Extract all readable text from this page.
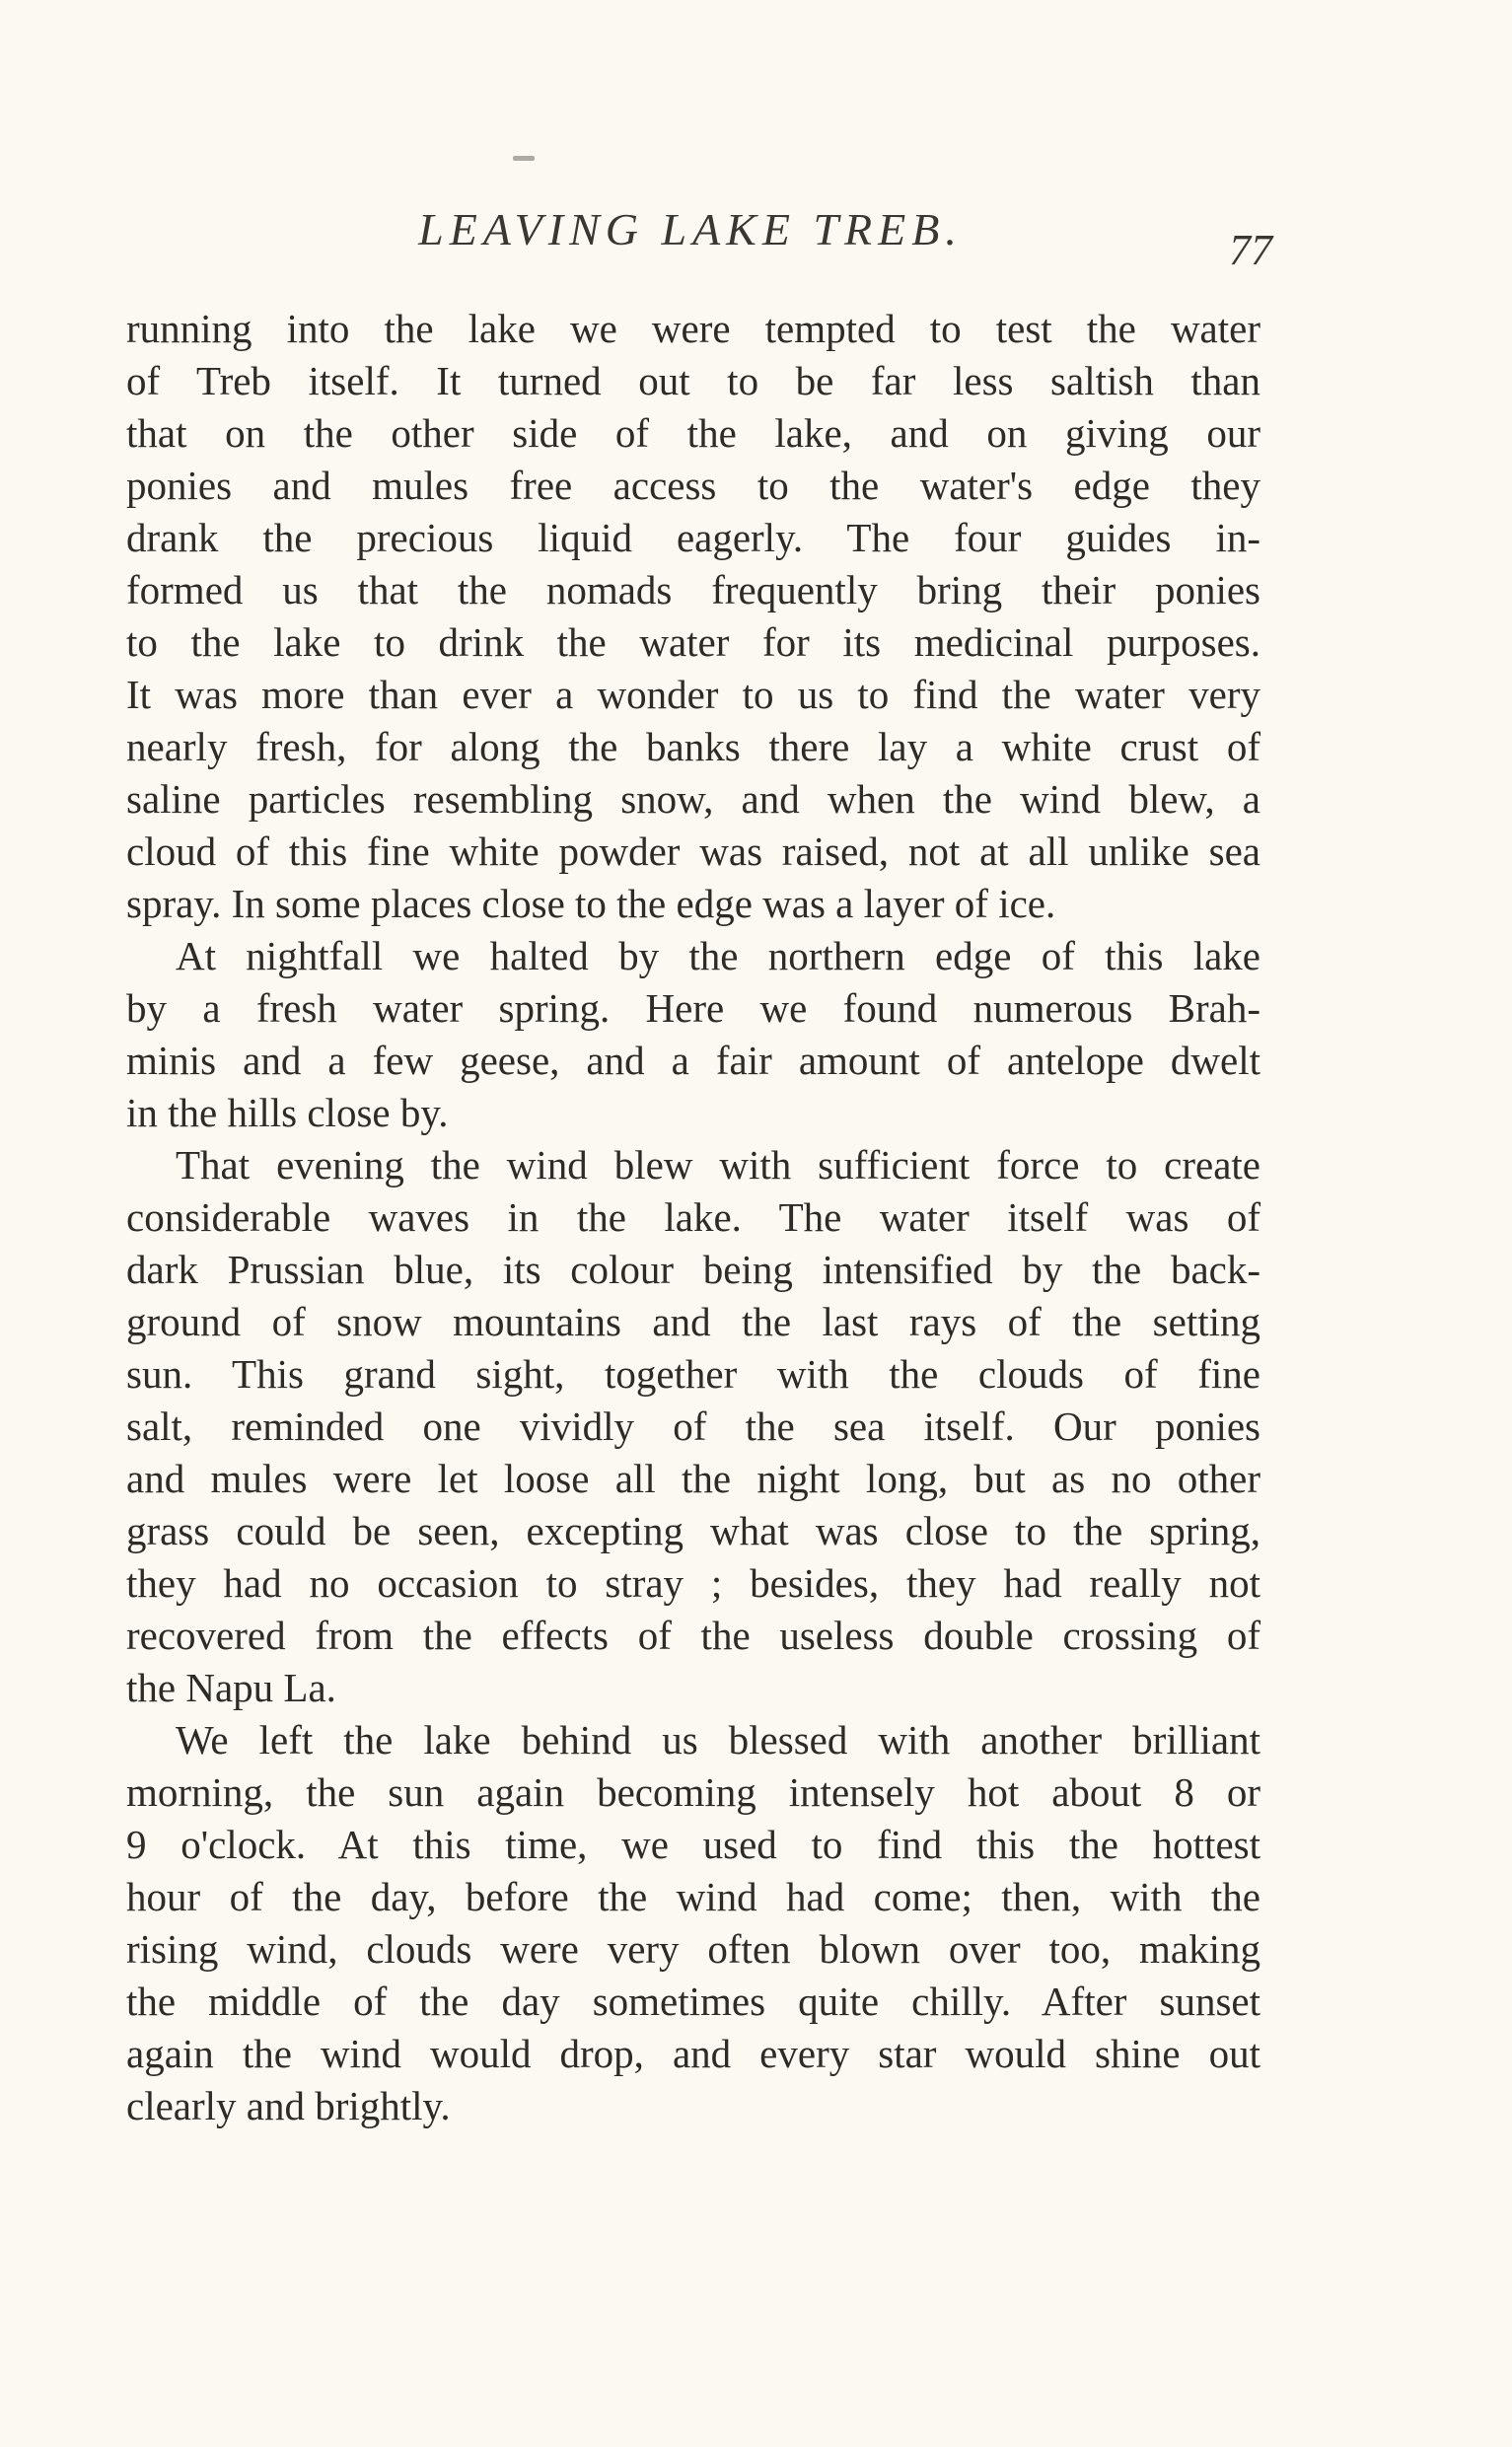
LEAVING LAKE TREB.	77
running into the lake we were tempted to test the water
of Treb itself. It turned out to be far less saltish than
that on the other side of the lake, and on giving our
ponies and mules free access to the water's edge they
drank the precious liquid eagerly. The four guides in-
formed us that the nomads frequently bring their ponies
to the lake to drink the water for its medicinal purposes.
It was more than ever a wonder to us to find the water very
nearly fresh, for along the banks there lay a white crust of
saline particles resembling snow, and when the wind blew, a
cloud of this fine white powder was raised, not at all unlike sea
spray. In some places close to the edge was a layer of ice.
At nightfall we halted by the northern edge of this lake
by a fresh water spring. Here we found numerous Brah-
minis and a few geese, and a fair amount of antelope dwelt
in the hills close by.
That evening the wind blew with sufficient force to create
considerable waves in the lake. The water itself was of
dark Prussian blue, its colour being intensified by the back-
ground of snow mountains and the last rays of the setting
sun. This grand sight, together with the clouds of fine
salt, reminded one vividly of the sea itself. Our ponies
and mules were let loose all the night long, but as no other
grass could be seen, excepting what was close to the spring,
they had no occasion to stray ; besides, they had really not
recovered from the effects of the useless double crossing of
the Napu La.
We left the lake behind us blessed with another brilliant
morning, the sun again becoming intensely hot about 8 or
9 o'clock. At this time, we used to find this the hottest
hour of the day, before the wind had come; then, with the
rising wind, clouds were very often blown over too, making
the middle of the day sometimes quite chilly. After sunset
again the wind would drop, and every star would shine out
clearly and brightly.
